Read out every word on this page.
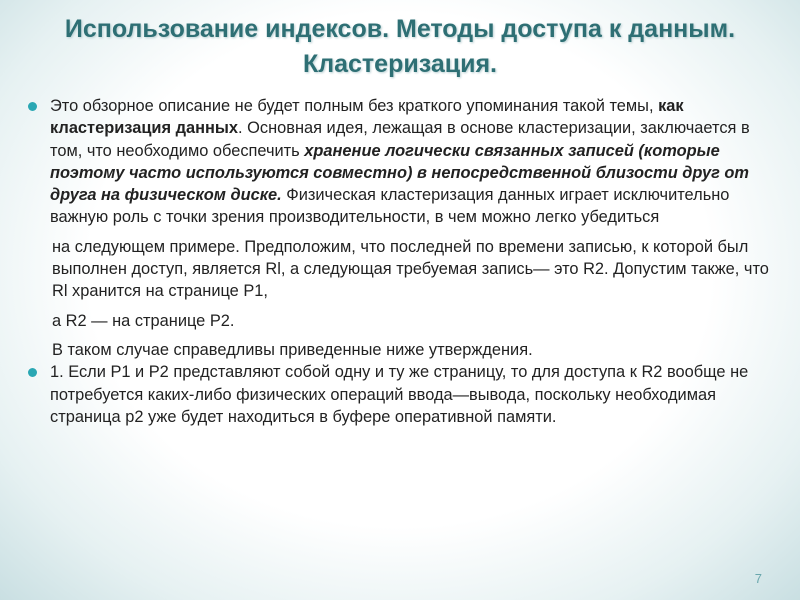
Использование индексов. Методы доступа к данным. Кластеризация.

Это обзорное описание не будет полным без краткого упоминания такой темы, как кластеризация данных. Основная идея, лежащая в основе кластеризации, заключается в том, что необходимо обеспечить хранение логически связанных записей (которые поэтому часто используются совместно) в непосредственной близости друг от друга на физическом диске. Физическая кластеризация данных играет исключительно важную роль с точки зрения производительности, в чем можно легко убедиться

на следующем примере. Предположим, что последней по времени записью, к которой был выполнен доступ, является Rl, а следующая требуемая запись— это R2. Допустим также, что Rl хранится на странице P1,

а R2 — на странице P2.

В таком случае справедливы приведенные ниже утверждения.

1. Если P1 и P2 представляют собой одну и ту же страницу, то для доступа к R2 вообще не потребуется каких-либо физических операций ввода—вывода, поскольку необходимая страница p2 уже будет находиться в буфере оперативной памяти.

7
